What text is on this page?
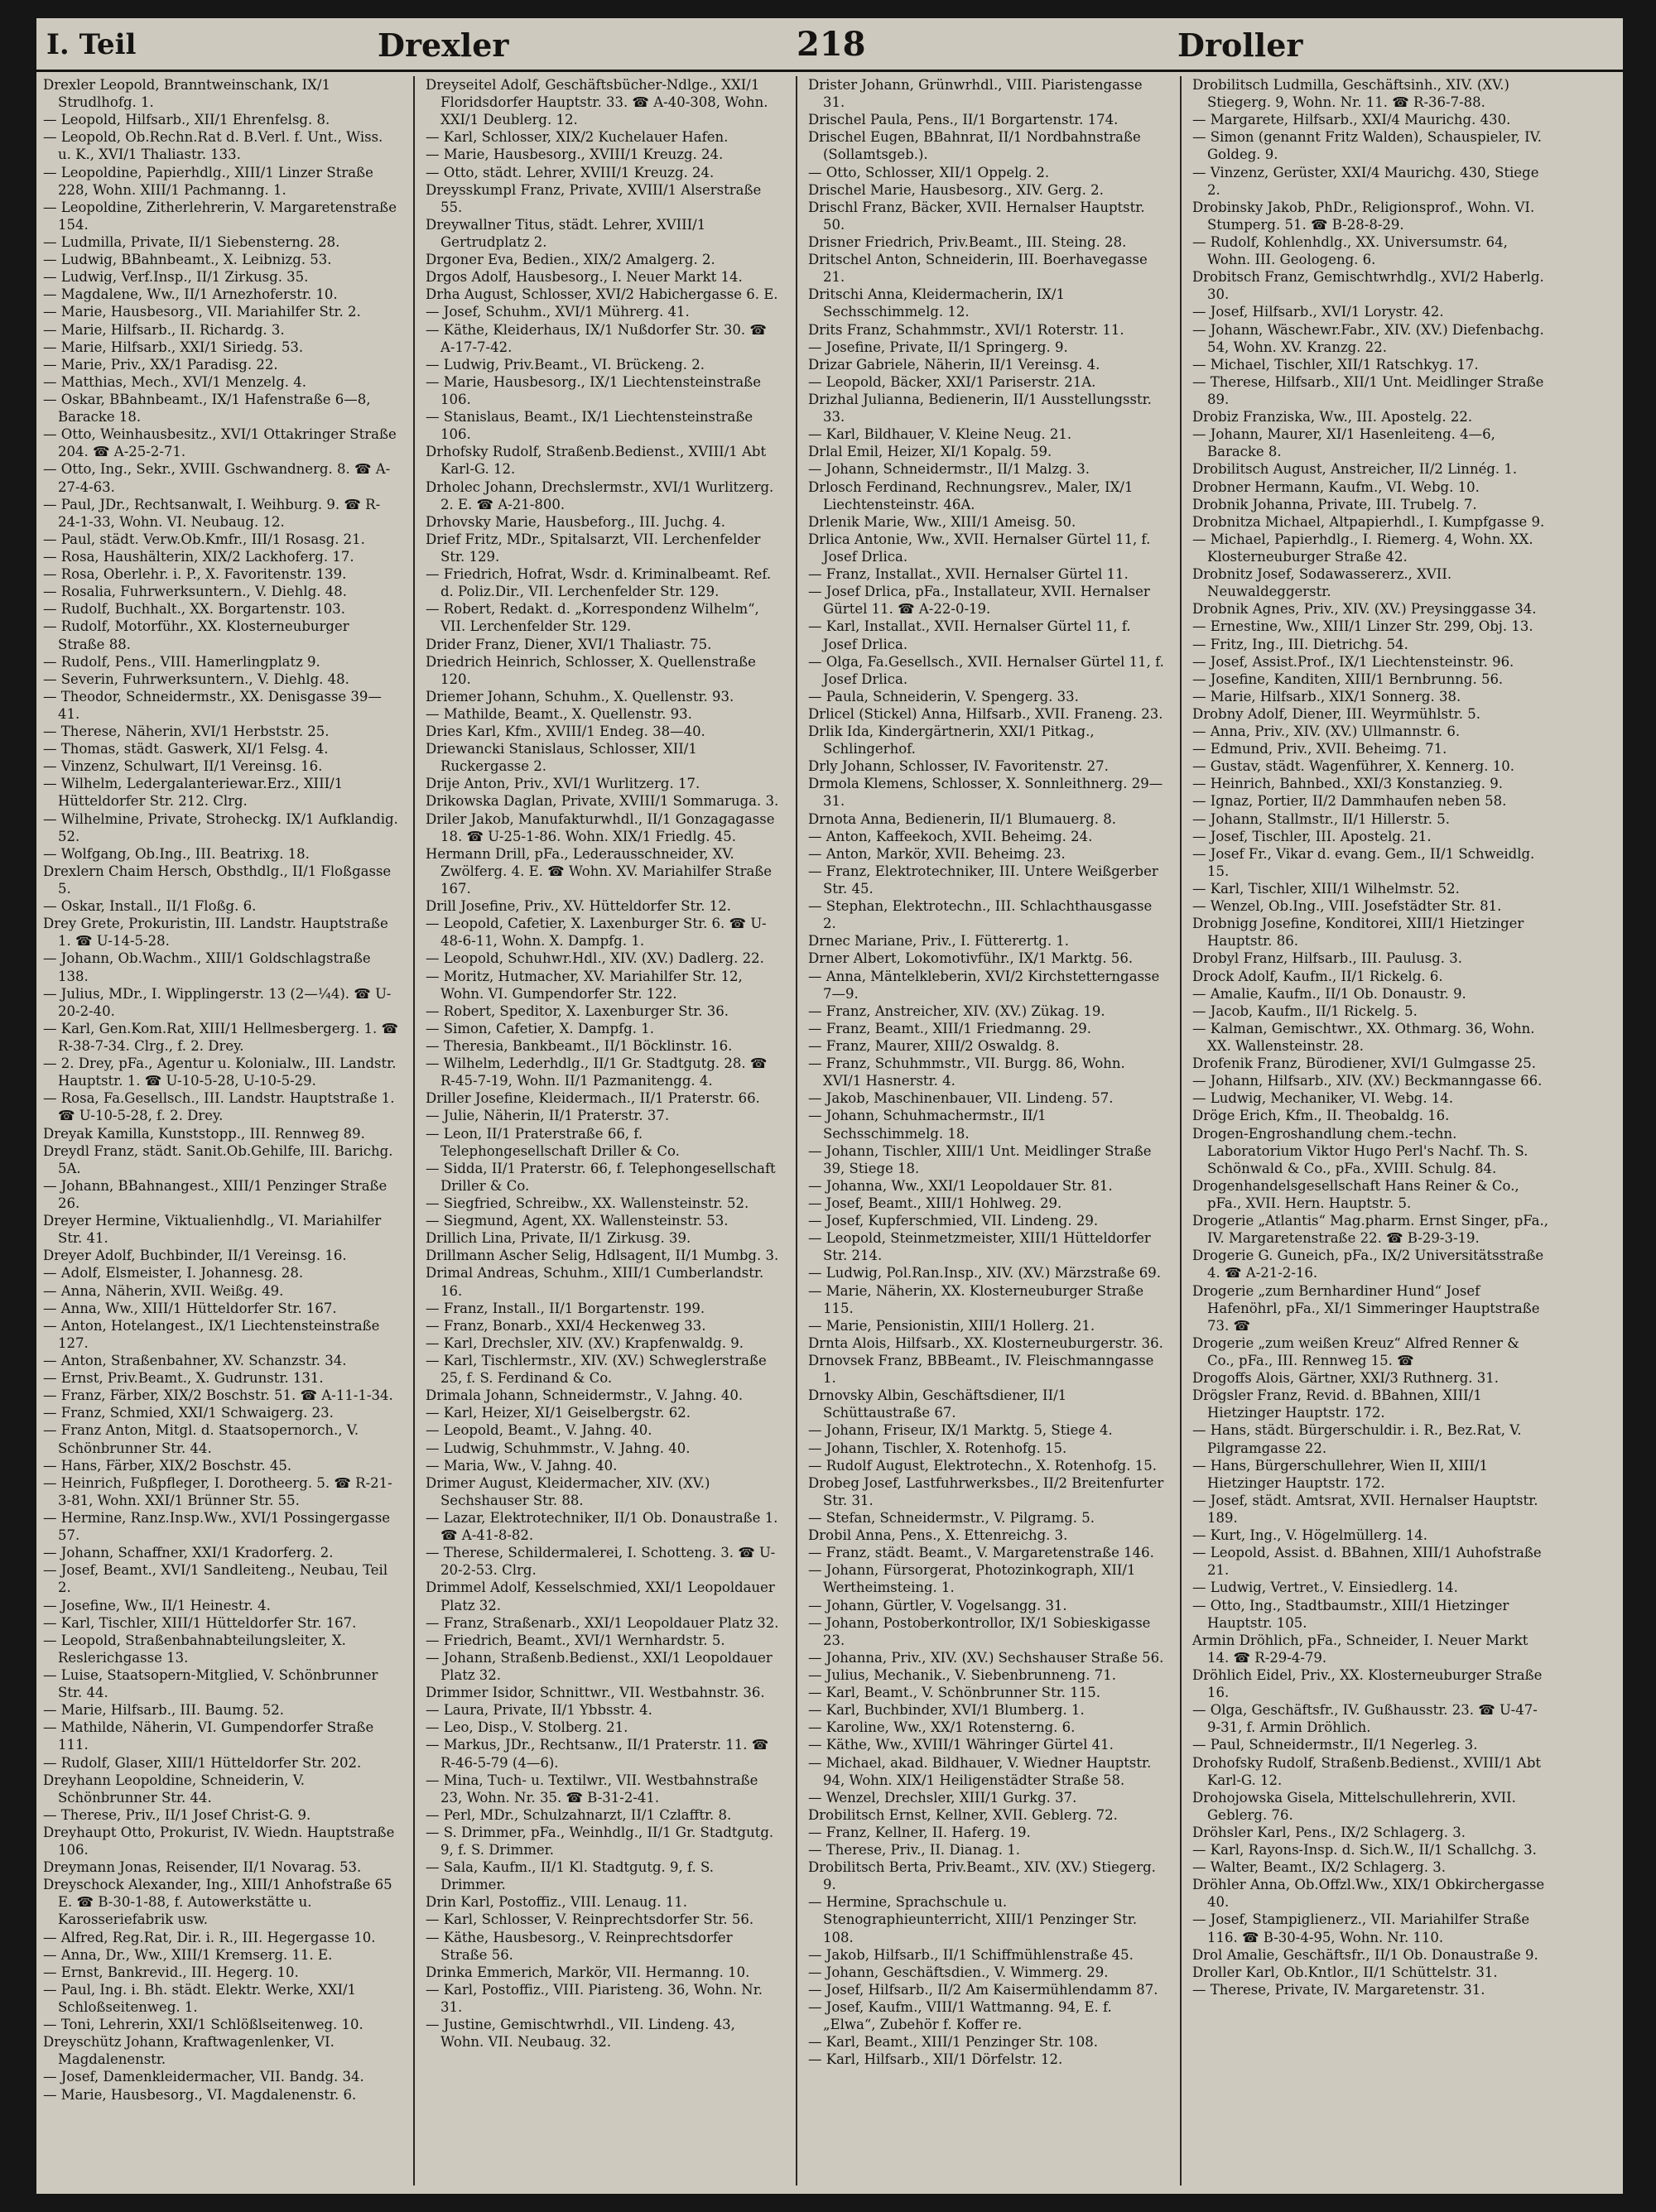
I. Teil	Drexler	218	Droller

Drexler Leopold, Branntweinschank, IX/1 Strudlhofg. 1.

— Leopold, Hilfsarb., XII/1 Ehrenfelsg. 8.

— Leopold, Ob.Rechn.Rat d. B.Verl. f. Unt., Wiss. u. K., XVI/1 Thaliastr. 133.

— Leopoldine, Papierhdlg., XIII/1 Linzer Straße 228, Wohn. XIII/1 Pachmanng. 1.

— Leopoldine, Zitherlehrerin, V. Margaretenstraße 154.

— Ludmilla, Private, II/1 Siebensterng. 28.

— Ludwig, BBahnbeamt., X. Leibnizg. 53.

— Ludwig, Verf.Insp., II/1 Zirkusg. 35.

— Magdalene, Ww., II/1 Arnezhoferstr. 10.

— Marie, Hausbesorg., VII. Mariahilfer Str. 2.

— Marie, Hilfsarb., II. Richardg. 3.

— Marie, Hilfsarb., XXI/1 Siriedg. 53.

— Marie, Priv., XX/1 Paradisg. 22.

— Matthias, Mech., XVI/1 Menzelg. 4.

— Oskar, BBahnbeamt., IX/1 Hafenstraße 6—8, Baracke 18.

— Otto, Weinhausbesitz., XVI/1 Ottakringer Straße 204. ☎ A-25-2-71.

— Otto, Ing., Sekr., XVIII. Gschwandnerg. 8. ☎ A-27-4-63.

— Paul, JDr., Rechtsanwalt, I. Weihburg. 9. ☎ R-24-1-33, Wohn. VI. Neubaug. 12.

— Paul, städt. Verw.Ob.Kmfr., III/1 Rosasg. 21.

— Rosa, Haushälterin, XIX/2 Lackhoferg. 17.

— Rosa, Oberlehr. i. P., X. Favoritenstr. 139.

— Rosalia, Fuhrwerksuntern., V. Diehlg. 48.

— Rudolf, Buchhalt., XX. Borgartenstr. 103.

— Rudolf, Motorführ., XX. Klosterneuburger Straße 88.

— Rudolf, Pens., VIII. Hamerlingplatz 9.

— Severin, Fuhrwerksuntern., V. Diehlg. 48.

— Theodor, Schneidermstr., XX. Denisgasse 39—41.

— Therese, Näherin, XVI/1 Herbststr. 25.

— Thomas, städt. Gaswerk, XI/1 Felsg. 4.

— Vinzenz, Schulwart, II/1 Vereinsg. 16.

— Wilhelm, Ledergalanteriewar.Erz., XIII/1 Hütteldorfer Str. 212. Clrg.

— Wilhelmine, Private, Stroheckg. IX/1 Aufklandig. 52.

— Wolfgang, Ob.Ing., III. Beatrixg. 18.

Drexlern Chaim Hersch, Obsthdlg., II/1 Floßgasse 5.

— Oskar, Install., II/1 Floßg. 6.

Drey Grete, Prokuristin, III. Landstr. Hauptstraße 1. ☎ U-14-5-28.

— Johann, Ob.Wachm., XIII/1 Goldschlagstraße 138.

— Julius, MDr., I. Wipplingerstr. 13 (2—¼4). ☎ U-20-2-40.

— Karl, Gen.Kom.Rat, XIII/1 Hellmesbergerg. 1. ☎ R-38-7-34. Clrg., f. 2. Drey.

— 2. Drey, pFa., Agentur u. Kolonialw., III. Landstr. Hauptstr. 1. ☎ U-10-5-28, U-10-5-29.

— Rosa, Fa.Gesellsch., III. Landstr. Hauptstraße 1. ☎ U-10-5-28, f. 2. Drey.

Dreyak Kamilla, Kunststopp., III. Rennweg 89.

Dreydl Franz, städt. Sanit.Ob.Gehilfe, III. Barichg. 5A.

— Johann, BBahnangest., XIII/1 Penzinger Straße 26.

Dreyer Hermine, Viktualienhdlg., VI. Mariahilfer Str. 41.

Dreyer Adolf, Buchbinder, II/1 Vereinsg. 16.

— Adolf, Elsmeister, I. Johannesg. 28.

— Anna, Näherin, XVII. Weißg. 49.

— Anna, Ww., XIII/1 Hütteldorfer Str. 167.

— Anton, Hotelangest., IX/1 Liechtensteinstraße 127.

— Anton, Straßenbahner, XV. Schanzstr. 34.

— Ernst, Priv.Beamt., X. Gudrunstr. 131.

— Franz, Färber, XIX/2 Boschstr. 51. ☎ A-11-1-34.

— Franz, Schmied, XXI/1 Schwaigerg. 23.

— Franz Anton, Mitgl. d. Staatsopernorch., V. Schönbrunner Str. 44.

— Hans, Färber, XIX/2 Boschstr. 45.

— Heinrich, Fußpfleger, I. Dorotheerg. 5. ☎ R-21-3-81, Wohn. XXI/1 Brünner Str. 55.

— Hermine, Ranz.Insp.Ww., XVI/1 Possingergasse 57.

— Johann, Schaffner, XXI/1 Kradorferg. 2.

— Josef, Beamt., XVI/1 Sandleiteng., Neubau, Teil 2.

— Josefine, Ww., II/1 Heinestr. 4.

— Karl, Tischler, XIII/1 Hütteldorfer Str. 167.

— Leopold, Straßenbahnabteilungsleiter, X. Reslerichgasse 13.

— Luise, Staatsopern-Mitglied, V. Schönbrunner Str. 44.

— Marie, Hilfsarb., III. Baumg. 52.

— Mathilde, Näherin, VI. Gumpendorfer Straße 111.

— Rudolf, Glaser, XIII/1 Hütteldorfer Str. 202.

Dreyhann Leopoldine, Schneiderin, V. Schönbrunner Str. 44.

— Therese, Priv., II/1 Josef Christ-G. 9.

Dreyhaupt Otto, Prokurist, IV. Wiedn. Hauptstraße 106.

Dreymann Jonas, Reisender, II/1 Novarag. 53.

Dreyschock Alexander, Ing., XIII/1 Anhofstraße 65 E. ☎ B-30-1-88, f. Autowerkstätte u. Karosseriefabrik usw.

— Alfred, Reg.Rat, Dir. i. R., III. Hegergasse 10.

— Anna, Dr., Ww., XIII/1 Kremserg. 11. E.

— Ernst, Bankrevid., III. Hegerg. 10.

— Paul, Ing. i. Bh. städt. Elektr. Werke, XXI/1 Schloßseitenweg. 1.

— Toni, Lehrerin, XXI/1 Schlößlseitenweg. 10.

Dreyschütz Johann, Kraftwagenlenker, VI. Magdalenenstr.

— Josef, Damenkleidermacher, VII. Bandg. 34.

— Marie, Hausbesorg., VI. Magdalenenstr. 6.

Dreyseitel Adolf, Geschäftsbücher-Ndlge., XXI/1 Floridsdorfer Hauptstr. 33. ☎ A-40-308, Wohn. XXI/1 Deublerg. 12.

— Karl, Schlosser, XIX/2 Kuchelauer Hafen.

— Marie, Hausbesorg., XVIII/1 Kreuzg. 24.

— Otto, städt. Lehrer, XVIII/1 Kreuzg. 24.

Dreysskumpl Franz, Private, XVIII/1 Alserstraße 55.

Dreywallner Titus, städt. Lehrer, XVIII/1 Gertrudplatz 2.

Drgoner Eva, Bedien., XIX/2 Amalgerg. 2.

Drgos Adolf, Hausbesorg., I. Neuer Markt 14.

Drha August, Schlosser, XVI/2 Habichergasse 6. E.

— Josef, Schuhm., XVI/1 Mührerg. 41.

— Käthe, Kleiderhaus, IX/1 Nußdorfer Str. 30. ☎ A-17-7-42.

— Ludwig, Priv.Beamt., VI. Brückeng. 2.

— Marie, Hausbesorg., IX/1 Liechtensteinstraße 106.

— Stanislaus, Beamt., IX/1 Liechtensteinstraße 106.

Drhofsky Rudolf, Straßenb.Bedienst., XVIII/1 Abt Karl-G. 12.

Drholec Johann, Drechslermstr., XVI/1 Wurlitzerg. 2. E. ☎ A-21-800.

Drhovsky Marie, Hausbeforg., III. Juchg. 4.

Drief Fritz, MDr., Spitalsarzt, VII. Lerchenfelder Str. 129.

— Friedrich, Hofrat, Wsdr. d. Kriminalbeamt. Ref. d. Poliz.Dir., VII. Lerchenfelder Str. 129.

— Robert, Redakt. d. „Korrespondenz Wilhelm“, VII. Lerchenfelder Str. 129.

Drider Franz, Diener, XVI/1 Thaliastr. 75.

Driedrich Heinrich, Schlosser, X. Quellenstraße 120.

Driemer Johann, Schuhm., X. Quellenstr. 93.

— Mathilde, Beamt., X. Quellenstr. 93.

Dries Karl, Kfm., XVIII/1 Endeg. 38—40.

Driewancki Stanislaus, Schlosser, XII/1 Ruckergasse 2.

Drije Anton, Priv., XVI/1 Wurlitzerg. 17.

Drikowska Daglan, Private, XVIII/1 Sommaruga. 3.

Driler Jakob, Manufakturwhdl., II/1 Gonzagagasse 18. ☎ U-25-1-86. Wohn. XIX/1 Friedlg. 45.

Hermann Drill, pFa., Lederausschneider, XV. Zwölferg. 4. E. ☎ Wohn. XV. Mariahilfer Straße 167.

Drill Josefine, Priv., XV. Hütteldorfer Str. 12.

— Leopold, Cafetier, X. Laxenburger Str. 6. ☎ U-48-6-11, Wohn. X. Dampfg. 1.

— Leopold, Schuhwr.Hdl., XIV. (XV.) Dadlerg. 22.

— Moritz, Hutmacher, XV. Mariahilfer Str. 12, Wohn. VI. Gumpendorfer Str. 122.

— Robert, Speditor, X. Laxenburger Str. 36.

— Simon, Cafetier, X. Dampfg. 1.

— Theresia, Bankbeamt., II/1 Böcklinstr. 16.

— Wilhelm, Lederhdlg., II/1 Gr. Stadtgutg. 28. ☎ R-45-7-19, Wohn. II/1 Pazmanitengg. 4.

Driller Josefine, Kleidermach., II/1 Praterstr. 66.

— Julie, Näherin, II/1 Praterstr. 37.

— Leon, II/1 Praterstraße 66, f. Telephongesellschaft Driller & Co.

— Sidda, II/1 Praterstr. 66, f. Telephongesellschaft Driller & Co.

— Siegfried, Schreibw., XX. Wallensteinstr. 52.

— Siegmund, Agent, XX. Wallensteinstr. 53.

Drillich Lina, Private, II/1 Zirkusg. 39.

Drillmann Ascher Selig, Hdlsagent, II/1 Mumbg. 3.

Drimal Andreas, Schuhm., XIII/1 Cumberlandstr. 16.

— Franz, Install., II/1 Borgartenstr. 199.

— Franz, Bonarb., XXI/4 Heckenweg 33.

— Karl, Drechsler, XIV. (XV.) Krapfenwaldg. 9.

— Karl, Tischlermstr., XIV. (XV.) Schweglerstraße 25, f. S. Ferdinand & Co.

Drimala Johann, Schneidermstr., V. Jahng. 40.

— Karl, Heizer, XI/1 Geiselbergstr. 62.

— Leopold, Beamt., V. Jahng. 40.

— Ludwig, Schuhmmstr., V. Jahng. 40.

— Maria, Ww., V. Jahng. 40.

Drimer August, Kleidermacher, XIV. (XV.) Sechshauser Str. 88.

— Lazar, Elektrotechniker, II/1 Ob. Donaustraße 1. ☎ A-41-8-82.

— Therese, Schildermalerei, I. Schotteng. 3. ☎ U-20-2-53. Clrg.

Drimmel Adolf, Kesselschmied, XXI/1 Leopoldauer Platz 32.

— Franz, Straßenarb., XXI/1 Leopoldauer Platz 32.

— Friedrich, Beamt., XVI/1 Wernhardstr. 5.

— Johann, Straßenb.Bedienst., XXI/1 Leopoldauer Platz 32.

Drimmer Isidor, Schnittwr., VII. Westbahnstr. 36.

— Laura, Private, II/1 Ybbsstr. 4.

— Leo, Disp., V. Stolberg. 21.

— Markus, JDr., Rechtsanw., II/1 Praterstr. 11. ☎ R-46-5-79 (4—6).

— Mina, Tuch- u. Textilwr., VII. Westbahnstraße 23, Wohn. Nr. 35. ☎ B-31-2-41.

— Perl, MDr., Schulzahnarzt, II/1 Czlafftr. 8.

— S. Drimmer, pFa., Weinhdlg., II/1 Gr. Stadtgutg. 9, f. S. Drimmer.

— Sala, Kaufm., II/1 Kl. Stadtgutg. 9, f. S. Drimmer.

Drin Karl, Postoffiz., VIII. Lenaug. 11.

— Karl, Schlosser, V. Reinprechtsdorfer Str. 56.

— Käthe, Hausbesorg., V. Reinprechtsdorfer Straße 56.

Drinka Emmerich, Markör, VII. Hermanng. 10.

— Karl, Postoffiz., VIII. Piaristeng. 36, Wohn. Nr. 31.

— Justine, Gemischtwrhdl., VII. Lindeng. 43, Wohn. VII. Neubaug. 32.

Drister Johann, Grünwrhdl., VIII. Piaristengasse 31.

Drischel Paula, Pens., II/1 Borgartenstr. 174.

Drischel Eugen, BBahnrat, II/1 Nordbahnstraße (Sollamtsgeb.).

— Otto, Schlosser, XII/1 Oppelg. 2.

Drischel Marie, Hausbesorg., XIV. Gerg. 2.

Drischl Franz, Bäcker, XVII. Hernalser Hauptstr. 50.

Drisner Friedrich, Priv.Beamt., III. Steing. 28.

Dritschel Anton, Schneiderin, III. Boerhavegasse 21.

Dritschi Anna, Kleidermacherin, IX/1 Sechsschimmelg. 12.

Drits Franz, Schahmmstr., XVI/1 Roterstr. 11.

— Josefine, Private, II/1 Springerg. 9.

Drizar Gabriele, Näherin, II/1 Vereinsg. 4.

— Leopold, Bäcker, XXI/1 Pariserstr. 21A.

Drizhal Julianna, Bedienerin, II/1 Ausstellungsstr. 33.

— Karl, Bildhauer, V. Kleine Neug. 21.

Drlal Emil, Heizer, XI/1 Kopalg. 59.

— Johann, Schneidermstr., II/1 Malzg. 3.

Drlosch Ferdinand, Rechnungsrev., Maler, IX/1 Liechtensteinstr. 46A.

Drlenik Marie, Ww., XIII/1 Ameisg. 50.

Drlica Antonie, Ww., XVII. Hernalser Gürtel 11, f. Josef Drlica.

— Franz, Installat., XVII. Hernalser Gürtel 11.

— Josef Drlica, pFa., Installateur, XVII. Hernalser Gürtel 11. ☎ A-22-0-19.

— Karl, Installat., XVII. Hernalser Gürtel 11, f. Josef Drlica.

— Olga, Fa.Gesellsch., XVII. Hernalser Gürtel 11, f. Josef Drlica.

— Paula, Schneiderin, V. Spengerg. 33.

Drlicel (Stickel) Anna, Hilfsarb., XVII. Franeng. 23.

Drlik Ida, Kindergärtnerin, XXI/1 Pitkag., Schlingerhof.

Drly Johann, Schlosser, IV. Favoritenstr. 27.

Drmola Klemens, Schlosser, X. Sonnleithnerg. 29—31.

Drnota Anna, Bedienerin, II/1 Blumauerg. 8.

— Anton, Kaffeekoch, XVII. Beheimg. 24.

— Anton, Markör, XVII. Beheimg. 23.

— Franz, Elektrotechniker, III. Untere Weißgerber Str. 45.

— Stephan, Elektrotechn., III. Schlachthausgasse 2.

Drnec Mariane, Priv., I. Fütterertg. 1.

Drner Albert, Lokomotivführ., IX/1 Marktg. 56.

— Anna, Mäntelkleberin, XVI/2 Kirchstetterngasse 7—9.

— Franz, Anstreicher, XIV. (XV.) Zükag. 19.

— Franz, Beamt., XIII/1 Friedmanng. 29.

— Franz, Maurer, XIII/2 Oswaldg. 8.

— Franz, Schuhmmstr., VII. Burgg. 86, Wohn. XVI/1 Hasnerstr. 4.

— Jakob, Maschinenbauer, VII. Lindeng. 57.

— Johann, Schuhmachermstr., II/1 Sechsschimmelg. 18.

— Johann, Tischler, XIII/1 Unt. Meidlinger Straße 39, Stiege 18.

— Johanna, Ww., XXI/1 Leopoldauer Str. 81.

— Josef, Beamt., XIII/1 Hohlweg. 29.

— Josef, Kupferschmied, VII. Lindeng. 29.

— Leopold, Steinmetzmeister, XIII/1 Hütteldorfer Str. 214.

— Ludwig, Pol.Ran.Insp., XIV. (XV.) Märzstraße 69.

— Marie, Näherin, XX. Klosterneuburger Straße 115.

— Marie, Pensionistin, XIII/1 Hollerg. 21.

Drnta Alois, Hilfsarb., XX. Klosterneuburgerstr. 36.

Drnovsek Franz, BBBeamt., IV. Fleischmanngasse 1.

Drnovsky Albin, Geschäftsdiener, II/1 Schüttaustraße 67.

— Johann, Friseur, IX/1 Marktg. 5, Stiege 4.

— Johann, Tischler, X. Rotenhofg. 15.

— Rudolf August, Elektrotechn., X. Rotenhofg. 15.

Drobeg Josef, Lastfuhrwerksbes., II/2 Breitenfurter Str. 31.

— Stefan, Schneidermstr., V. Pilgramg. 5.

Drobil Anna, Pens., X. Ettenreichg. 3.

— Franz, städt. Beamt., V. Margaretenstraße 146.

— Johann, Fürsorgerat, Photozinkograph, XII/1 Wertheimsteing. 1.

— Johann, Gürtler, V. Vogelsangg. 31.

— Johann, Postoberkontrollor, IX/1 Sobieskigasse 23.

— Johanna, Priv., XIV. (XV.) Sechshauser Straße 56.

— Julius, Mechanik., V. Siebenbrunneng. 71.

— Karl, Beamt., V. Schönbrunner Str. 115.

— Karl, Buchbinder, XVI/1 Blumberg. 1.

— Karoline, Ww., XX/1 Rotensterng. 6.

— Käthe, Ww., XVIII/1 Währinger Gürtel 41.

— Michael, akad. Bildhauer, V. Wiedner Hauptstr. 94, Wohn. XIX/1 Heiligenstädter Straße 58.

— Wenzel, Drechsler, XIII/1 Gurkg. 37.

Drobilitsch Ernst, Kellner, XVII. Geblerg. 72.

— Franz, Kellner, II. Haferg. 19.

— Therese, Priv., II. Dianag. 1.

Drobilitsch Berta, Priv.Beamt., XIV. (XV.) Stiegerg. 9.

— Hermine, Sprachschule u. Stenographieunterricht, XIII/1 Penzinger Str. 108.

— Jakob, Hilfsarb., II/1 Schiffmühlenstraße 45.

— Johann, Geschäftsdien., V. Wimmerg. 29.

— Josef, Hilfsarb., II/2 Am Kaisermühlendamm 87.

— Josef, Kaufm., VIII/1 Wattmanng. 94, E. f. „Elwa“, Zubehör f. Koffer re.

— Karl, Beamt., XIII/1 Penzinger Str. 108.

— Karl, Hilfsarb., XII/1 Dörfelstr. 12.

Drobilitsch Ludmilla, Geschäftsinh., XIV. (XV.) Stiegerg. 9, Wohn. Nr. 11. ☎ R-36-7-88.

— Margarete, Hilfsarb., XXI/4 Maurichg. 430.

— Simon (genannt Fritz Walden), Schauspieler, IV. Goldeg. 9.

— Vinzenz, Gerüster, XXI/4 Maurichg. 430, Stiege 2.

Drobinsky Jakob, PhDr., Religionsprof., Wohn. VI. Stumperg. 51. ☎ B-28-8-29.

— Rudolf, Kohlenhdlg., XX. Universumstr. 64, Wohn. III. Geologeng. 6.

Drobitsch Franz, Gemischtwrhdlg., XVI/2 Haberlg. 30.

— Josef, Hilfsarb., XVI/1 Lorystr. 42.

— Johann, Wäschewr.Fabr., XIV. (XV.) Diefenbachg. 54, Wohn. XV. Kranzg. 22.

— Michael, Tischler, XII/1 Ratschkyg. 17.

— Therese, Hilfsarb., XII/1 Unt. Meidlinger Straße 89.

Drobiz Franziska, Ww., III. Apostelg. 22.

— Johann, Maurer, XI/1 Hasenleiteng. 4—6, Baracke 8.

Drobilitsch August, Anstreicher, II/2 Linnég. 1.

Drobner Hermann, Kaufm., VI. Webg. 10.

Drobnik Johanna, Private, III. Trubelg. 7.

Drobnitza Michael, Altpapierhdl., I. Kumpfgasse 9.

— Michael, Papierhdlg., I. Riemerg. 4, Wohn. XX. Klosterneuburger Straße 42.

Drobnitz Josef, Sodawassererz., XVII. Neuwaldeggerstr.

Drobnik Agnes, Priv., XIV. (XV.) Preysinggasse 34.

— Ernestine, Ww., XIII/1 Linzer Str. 299, Obj. 13.

— Fritz, Ing., III. Dietrichg. 54.

— Josef, Assist.Prof., IX/1 Liechtensteinstr. 96.

— Josefine, Kanditen, XIII/1 Bernbrunng. 56.

— Marie, Hilfsarb., XIX/1 Sonnerg. 38.

Drobny Adolf, Diener, III. Weyrmühlstr. 5.

— Anna, Priv., XIV. (XV.) Ullmannstr. 6.

— Edmund, Priv., XVII. Beheimg. 71.

— Gustav, städt. Wagenführer, X. Kennerg. 10.

— Heinrich, Bahnbed., XXI/3 Konstanzieg. 9.

— Ignaz, Portier, II/2 Dammhaufen neben 58.

— Johann, Stallmstr., II/1 Hillerstr. 5.

— Josef, Tischler, III. Apostelg. 21.

— Josef Fr., Vikar d. evang. Gem., II/1 Schweidlg. 15.

— Karl, Tischler, XIII/1 Wilhelmstr. 52.

— Wenzel, Ob.Ing., VIII. Josefstädter Str. 81.

Drobnigg Josefine, Konditorei, XIII/1 Hietzinger Hauptstr. 86.

Drobyl Franz, Hilfsarb., III. Paulusg. 3.

Drock Adolf, Kaufm., II/1 Rickelg. 6.

— Amalie, Kaufm., II/1 Ob. Donaustr. 9.

— Jacob, Kaufm., II/1 Rickelg. 5.

— Kalman, Gemischtwr., XX. Othmarg. 36, Wohn. XX. Wallensteinstr. 28.

Drofenik Franz, Bürodiener, XVI/1 Gulmgasse 25.

— Johann, Hilfsarb., XIV. (XV.) Beckmanngasse 66.

— Ludwig, Mechaniker, VI. Webg. 14.

Dröge Erich, Kfm., II. Theobaldg. 16.

Drogen-Engroshandlung chem.-techn. Laboratorium Viktor Hugo Perl's Nachf. Th. S. Schönwald & Co., pFa., XVIII. Schulg. 84.

Drogenhandelsgesellschaft Hans Reiner & Co., pFa., XVII. Hern. Hauptstr. 5.

Drogerie „Atlantis“ Mag.pharm. Ernst Singer, pFa., IV. Margaretenstraße 22. ☎ B-29-3-19.

Drogerie G. Guneich, pFa., IX/2 Universitätsstraße 4. ☎ A-21-2-16.

Drogerie „zum Bernhardiner Hund“ Josef Hafenöhrl, pFa., XI/1 Simmeringer Hauptstraße 73. ☎

Drogerie „zum weißen Kreuz“ Alfred Renner & Co., pFa., III. Rennweg 15. ☎

Drogoffs Alois, Gärtner, XXI/3 Ruthnerg. 31.

Drögsler Franz, Revid. d. BBahnen, XIII/1 Hietzinger Hauptstr. 172.

— Hans, städt. Bürgerschuldir. i. R., Bez.Rat, V. Pilgramgasse 22.

— Hans, Bürgerschullehrer, Wien II, XIII/1 Hietzinger Hauptstr. 172.

— Josef, städt. Amtsrat, XVII. Hernalser Hauptstr. 189.

— Kurt, Ing., V. Högelmüllerg. 14.

— Leopold, Assist. d. BBahnen, XIII/1 Auhofstraße 21.

— Ludwig, Vertret., V. Einsiedlerg. 14.

— Otto, Ing., Stadtbaumstr., XIII/1 Hietzinger Hauptstr. 105.

Armin Dröhlich, pFa., Schneider, I. Neuer Markt 14. ☎ R-29-4-79.

Dröhlich Eidel, Priv., XX. Klosterneuburger Straße 16.

— Olga, Geschäftsfr., IV. Gußhausstr. 23. ☎ U-47-9-31, f. Armin Dröhlich.

— Paul, Schneidermstr., II/1 Negerleg. 3.

Drohofsky Rudolf, Straßenb.Bedienst., XVIII/1 Abt Karl-G. 12.

Drohojowska Gisela, Mittelschullehrerin, XVII. Geblerg. 76.

Dröhsler Karl, Pens., IX/2 Schlagerg. 3.

— Karl, Rayons-Insp. d. Sich.W., II/1 Schallchg. 3.

— Walter, Beamt., IX/2 Schlagerg. 3.

Dröhler Anna, Ob.Offzl.Ww., XIX/1 Obkirchergasse 40.

— Josef, Stampiglienerz., VII. Mariahilfer Straße 116. ☎ B-30-4-95, Wohn. Nr. 110.

Drol Amalie, Geschäftsfr., II/1 Ob. Donaustraße 9.

Droller Karl, Ob.Kntlor., II/1 Schüttelstr. 31.

— Therese, Private, IV. Margaretenstr. 31.
